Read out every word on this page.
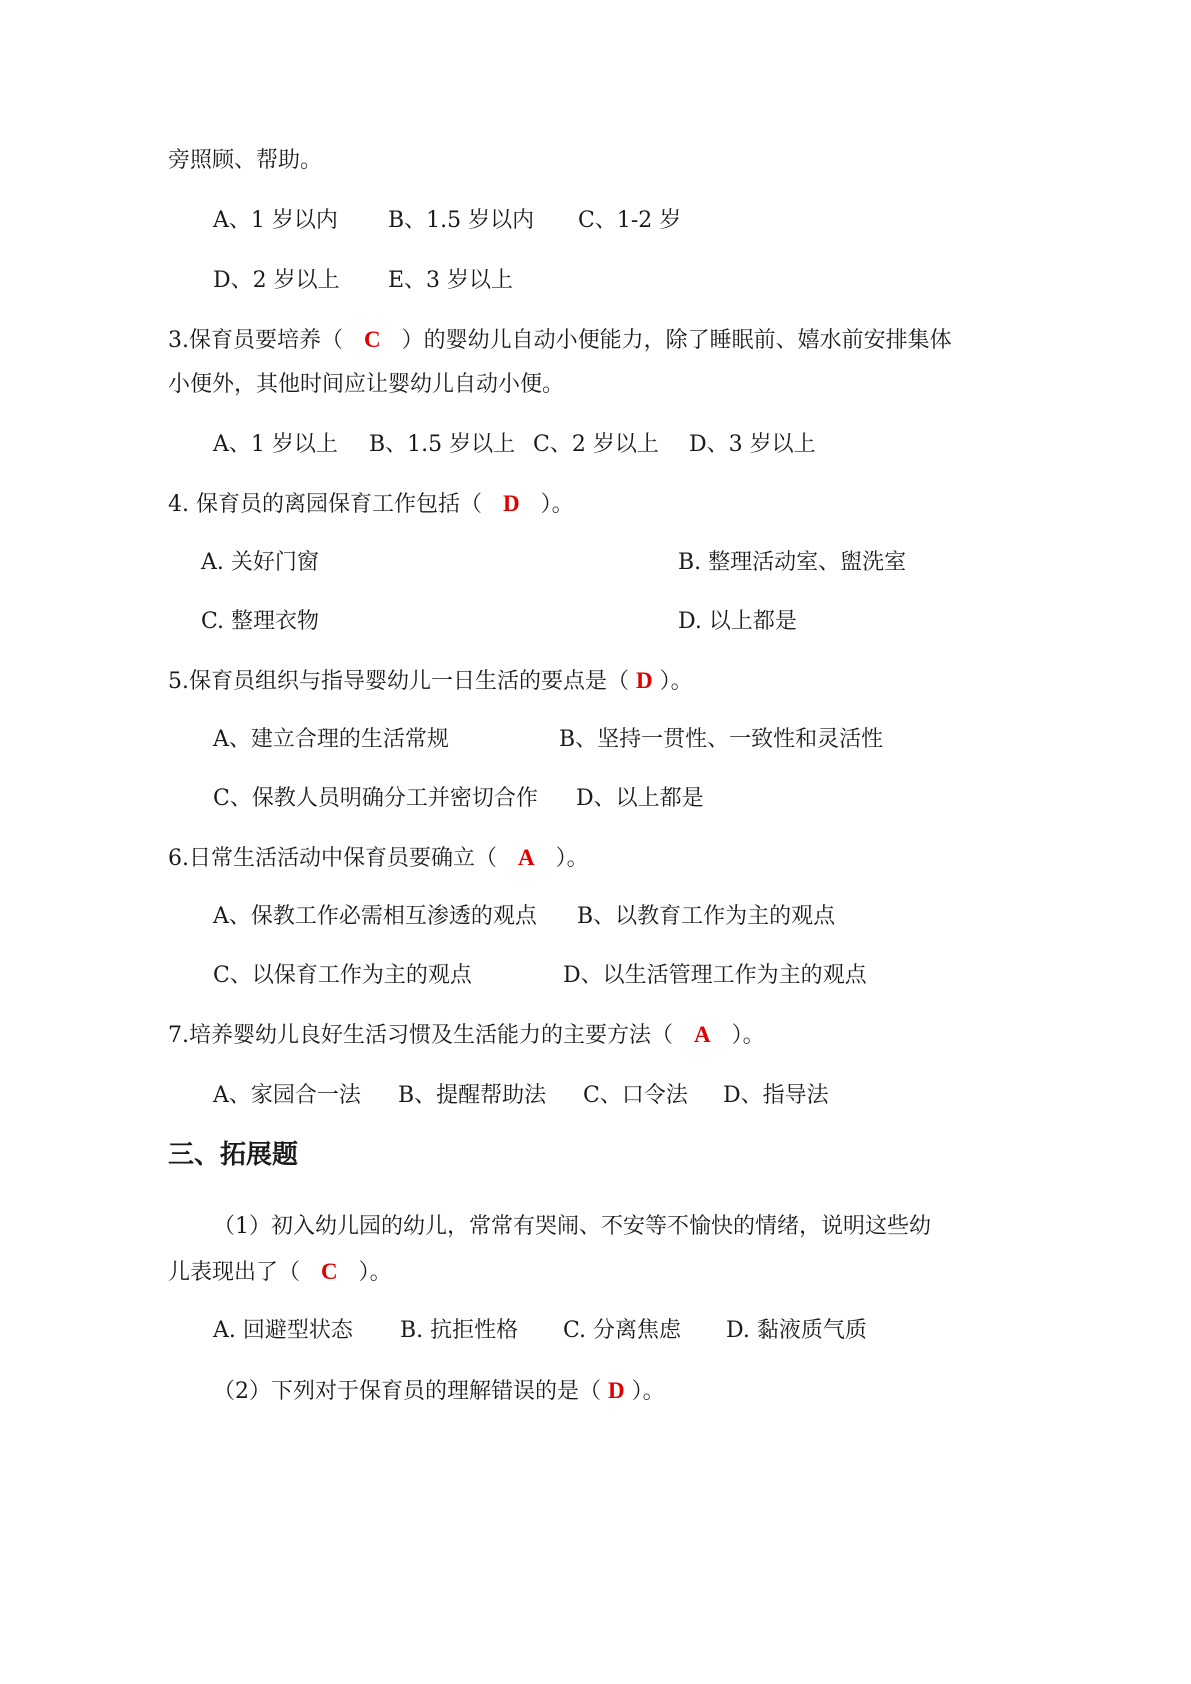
旁照顾、帮助。
A、1 岁以内 B、1.5 岁以内 C、1-2 岁
D、2 岁以上 E、3 岁以上
3.保育员要培养（ C ）的婴幼儿自动小便能力，除了睡眠前、嬉水前安排集体
小便外，其他时间应让婴幼儿自动小便。
A、1 岁以上 B、1.5 岁以上 C、2 岁以上 D、3 岁以上
4. 保育员的离园保育工作包括（ D ）。
A. 关好门窗	B. 整理活动室、盥洗室
C. 整理衣物	D. 以上都是
5.保育员组织与指导婴幼儿一日生活的要点是（ D ）。
A、建立合理的生活常规	B、坚持一贯性、一致性和灵活性
C、保教人员明确分工并密切合作 D、以上都是
6.日常生活活动中保育员要确立（ A ）。
A、保教工作必需相互渗透的观点 B、以教育工作为主的观点
C、以保育工作为主的观点	D、以生活管理工作为主的观点
7.培养婴幼儿良好生活习惯及生活能力的主要方法（ A ）。
A、家园合一法 B、提醒帮助法 C、口令法 D、指导法
三、拓展题
（1）初入幼儿园的幼儿，常常有哭闹、不安等不愉快的情绪，说明这些幼
儿表现出了（ C ）。
A. 回避型状态 B. 抗拒性格 C. 分离焦虑 D. 黏液质气质
（2）下列对于保育员的理解错误的是（ D ）。
